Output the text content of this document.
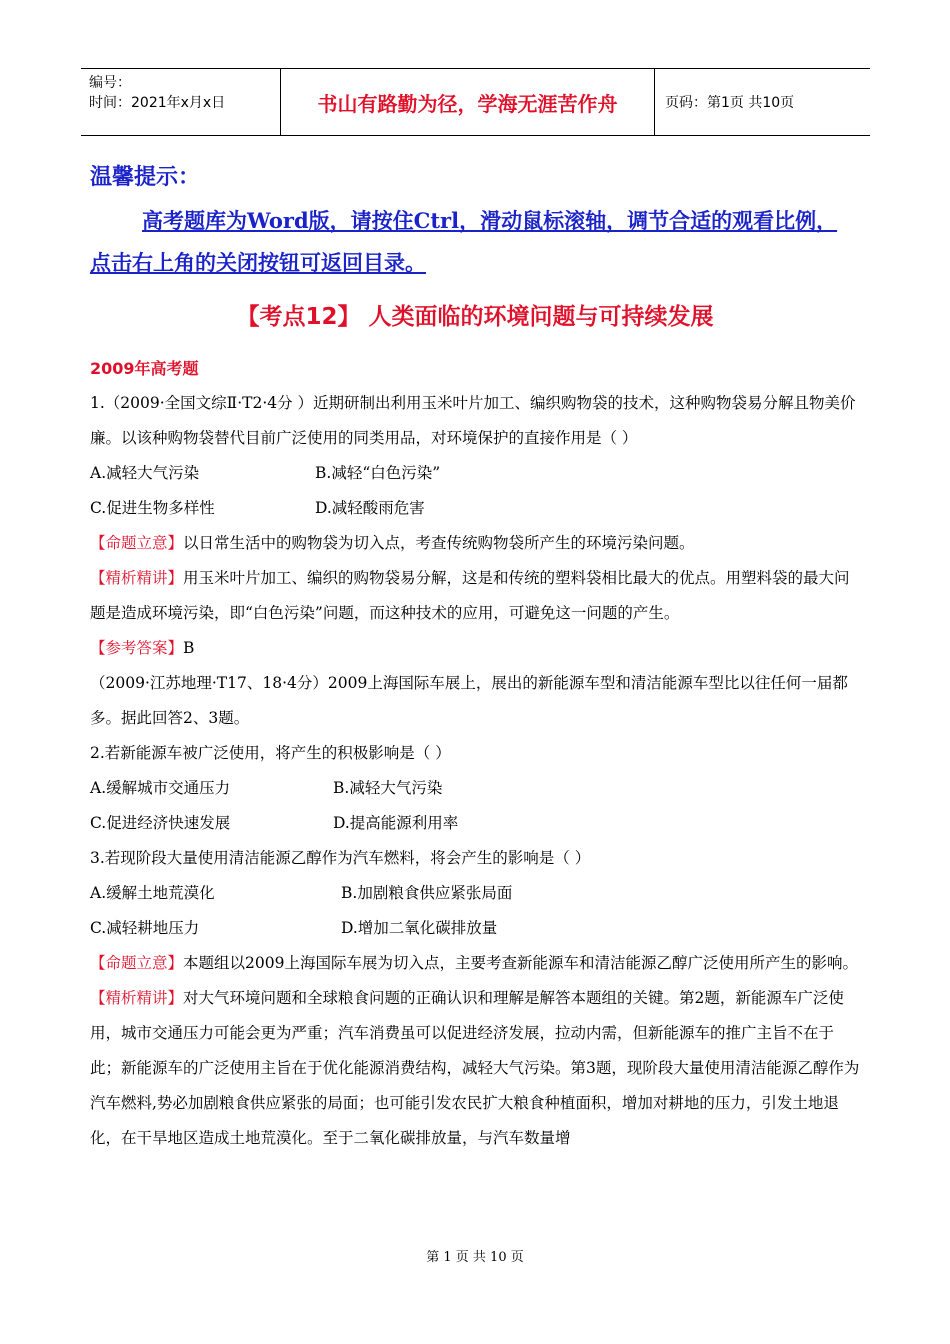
编号：
时间：2021年x月x日	书山有路勤为径，学海无涯苦作舟	页码：第1页 共10页
温馨提示：
高考题库为Word版，请按住Ctrl，滑动鼠标滚轴，调节合适的观看比例，点击右上角的关闭按钮可返回目录。
【考点12】 人类面临的环境问题与可持续发展
2009年高考题

1.（2009·全国文综Ⅱ·T2·4分 ）近期研制出利用玉米叶片加工、编织购物袋的技术，这种购物袋易分解且物美价廉。以该种购物袋替代目前广泛使用的同类用品，对环境保护的直接作用是（ ）

A.减轻大气污染	B.减轻“白色污染”
C.促进生物多样性	D.减轻酸雨危害

【命题立意】以日常生活中的购物袋为切入点，考查传统购物袋所产生的环境污染问题。

【精析精讲】用玉米叶片加工、编织的购物袋易分解，这是和传统的塑料袋相比最大的优点。用塑料袋的最大问题是造成环境污染，即“白色污染”问题，而这种技术的应用，可避免这一问题的产生。

【参考答案】B

（2009·江苏地理·T17、18·4分）2009上海国际车展上，展出的新能源车型和清洁能源车型比以往任何一届都多。据此回答2、3题。

2.若新能源车被广泛使用，将产生的积极影响是（ ）

A.缓解城市交通压力	B.减轻大气污染
C.促进经济快速发展	D.提高能源利用率

3.若现阶段大量使用清洁能源乙醇作为汽车燃料，将会产生的影响是（ ）

A.缓解土地荒漠化	B.加剧粮食供应紧张局面
C.减轻耕地压力	D.增加二氧化碳排放量

【命题立意】本题组以2009上海国际车展为切入点，主要考查新能源车和清洁能源乙醇广泛使用所产生的影响。

【精析精讲】对大气环境问题和全球粮食问题的正确认识和理解是解答本题组的关键。第2题，新能源车广泛使用，城市交通压力可能会更为严重；汽车消费虽可以促进经济发展，拉动内需，但新能源车的推广主旨不在于此；新能源车的广泛使用主旨在于优化能源消费结构，减轻大气污染。第3题，现阶段大量使用清洁能源乙醇作为汽车燃料,势必加剧粮食供应紧张的局面；也可能引发农民扩大粮食种植面积，增加对耕地的压力，引发土地退化，在干旱地区造成土地荒漠化。至于二氧化碳排放量，与汽车数量增

第 1 页 共 10 页
